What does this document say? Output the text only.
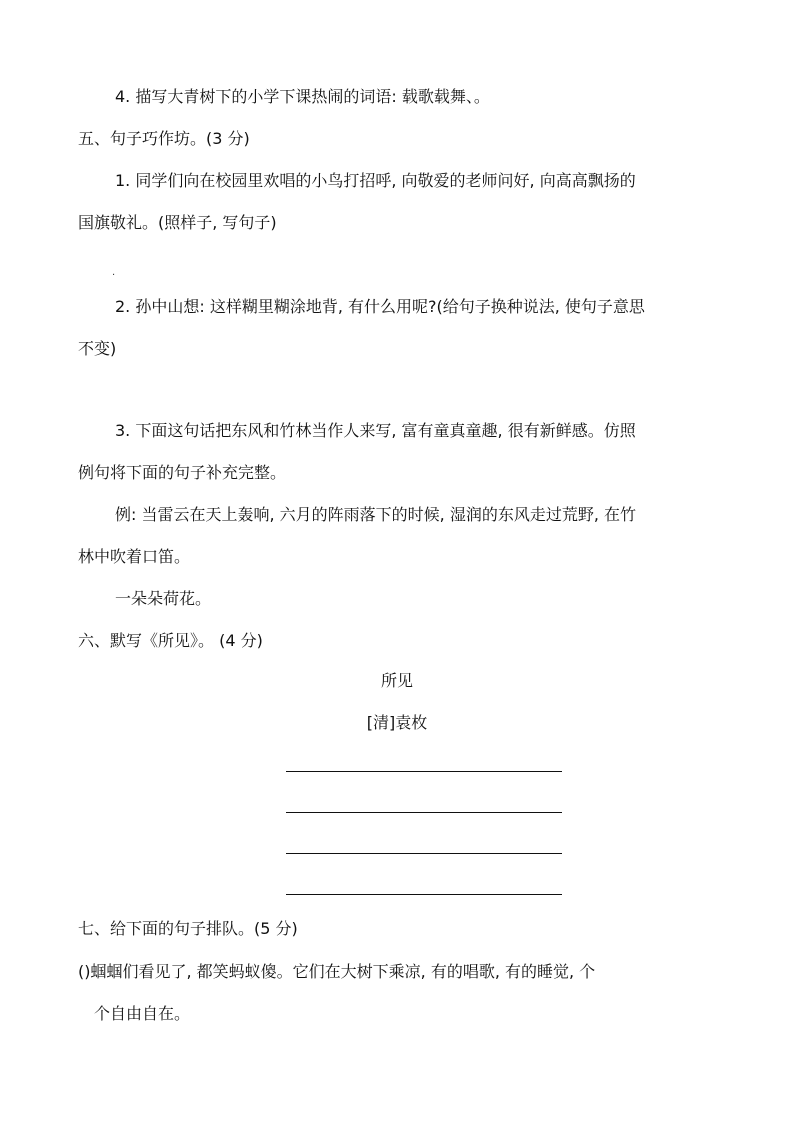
4. 描写大青树下的小学下课热闹的词语: 载歌载舞、。
五、句子巧作坊。(3 分)
1. 同学们向在校园里欢唱的小鸟打招呼, 向敬爱的老师问好, 向高高飘扬的
国旗敬礼。(照样子, 写句子)
.
2. 孙中山想: 这样糊里糊涂地背, 有什么用呢?(给句子换种说法, 使句子意思
不变)
3. 下面这句话把东风和竹林当作人来写, 富有童真童趣, 很有新鲜感。仿照
例句将下面的句子补充完整。
例: 当雷云在天上轰响, 六月的阵雨落下的时候, 湿润的东风走过荒野, 在竹
林中吹着口笛。
一朵朵荷花。
六、默写《所见》。 (4 分)
所见
[清]袁枚
七、给下面的句子排队。(5 分)
()蝈蝈们看见了, 都笑蚂蚁傻。它们在大树下乘凉, 有的唱歌, 有的睡觉, 个
个自由自在。
